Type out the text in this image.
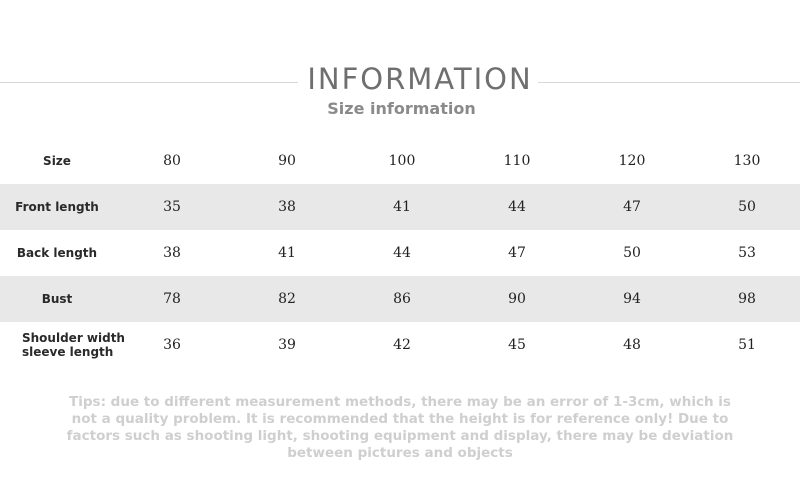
INFORMATION
Size information
Size	80	90	100	110	120	130
Front length	35	38	41	44	47	50
Back length	38	41	44	47	50	53
Bust	78	82	86	90	94	98
Shoulder width
sleeve length	36	39	42	45	48	51
Tips: due to different measurement methods, there may be an error of 1-3cm, which is not a quality problem. It is recommended that the height is for reference only! Due to factors such as shooting light, shooting equipment and display, there may be deviation between pictures and objects
